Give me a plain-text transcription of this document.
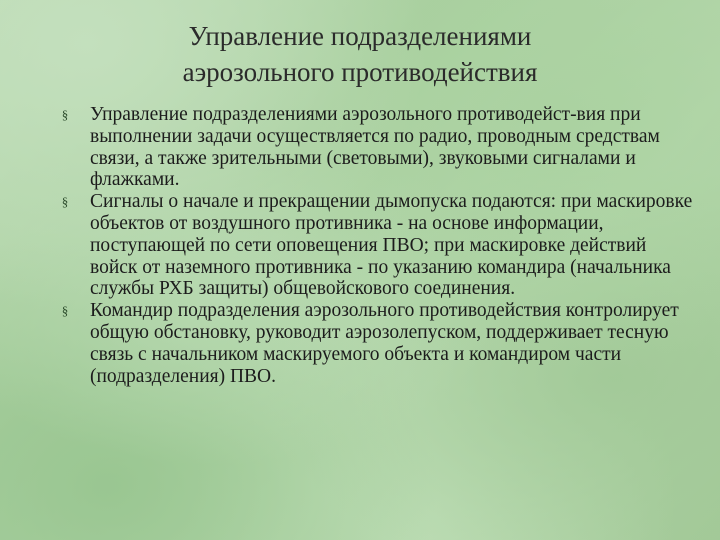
Управление подразделениями
аэрозольного противодействия
§ Управление подразделениями аэрозольного противодейст-вия при выполнении задачи осуществляется по радио, проводным средствам связи, а также зрительными (световыми), звуковыми сигналами и флажками.
§ Сигналы о начале и прекращении дымопуска подаются: при маскировке объектов от воздушного противника - на основе информации, поступающей по сети оповещения ПВО; при маскировке действий войск от наземного противника - по указанию командира (начальника службы РХБ защиты) общевойскового соединения.
§ Командир подразделения аэрозольного противодействия контролирует общую обстановку, руководит аэрозолепуском, поддерживает тесную связь с начальником маскируемого объекта и командиром части (подразделения) ПВО.
